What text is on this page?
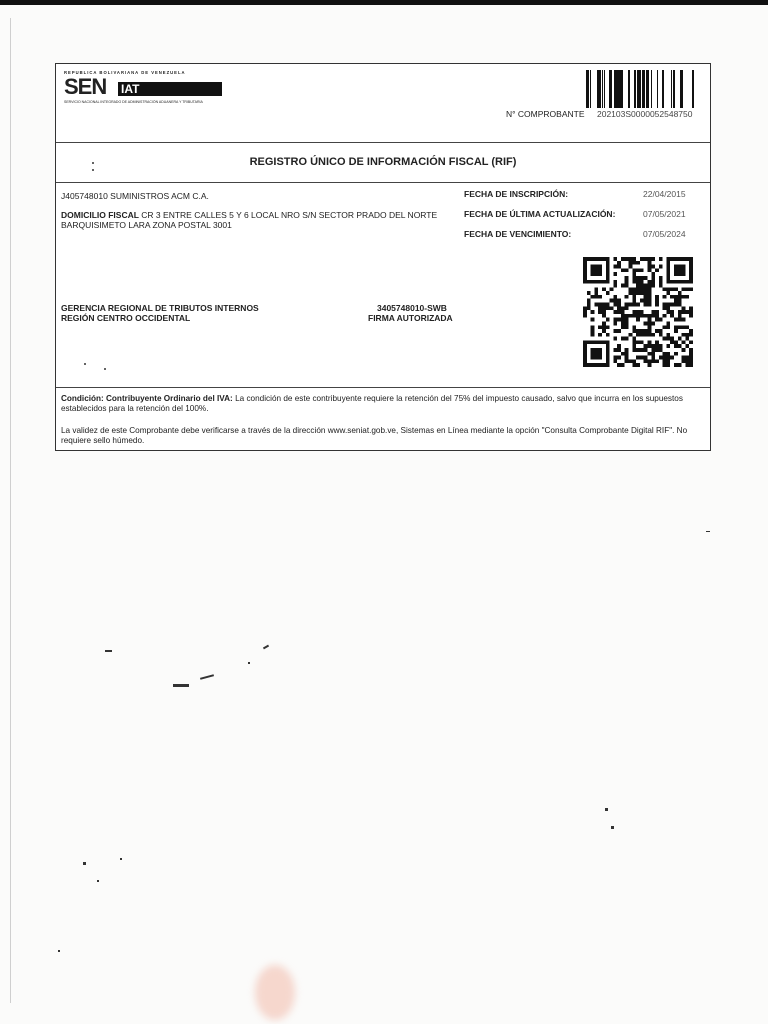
REPUBLICA BOLIVARIANA DE VENEZUELA
SEN IAT
SERVICIO NACIONAL INTEGRADO DE ADMINISTRACIÓN ADUANERA Y TRIBUTARIA
N° COMPROBANTE 202103S0000052548750
REGISTRO ÚNICO DE INFORMACIÓN FISCAL (RIF)
J405748010 SUMINISTROS ACM C.A.
DOMICILIO FISCAL CR 3 ENTRE CALLES 5 Y 6 LOCAL NRO S/N SECTOR PRADO DEL NORTE BARQUISIMETO LARA ZONA POSTAL 3001
FECHA DE INSCRIPCIÓN:	22/04/2015
FECHA DE ÚLTIMA ACTUALIZACIÓN:	07/05/2021
FECHA DE VENCIMIENTO:	07/05/2024
GERENCIA REGIONAL DE TRIBUTOS INTERNOS
REGIÓN CENTRO OCCIDENTAL
3405748010-SWB
FIRMA AUTORIZADA
Condición: Contribuyente Ordinario del IVA: La condición de este contribuyente requiere la retención del 75% del impuesto causado, salvo que incurra en los supuestos establecidos para la retención del 100%.
La validez de este Comprobante debe verificarse a través de la dirección www.seniat.gob.ve, Sistemas en Línea mediante la opción "Consulta Comprobante Digital RIF". No requiere sello húmedo.
